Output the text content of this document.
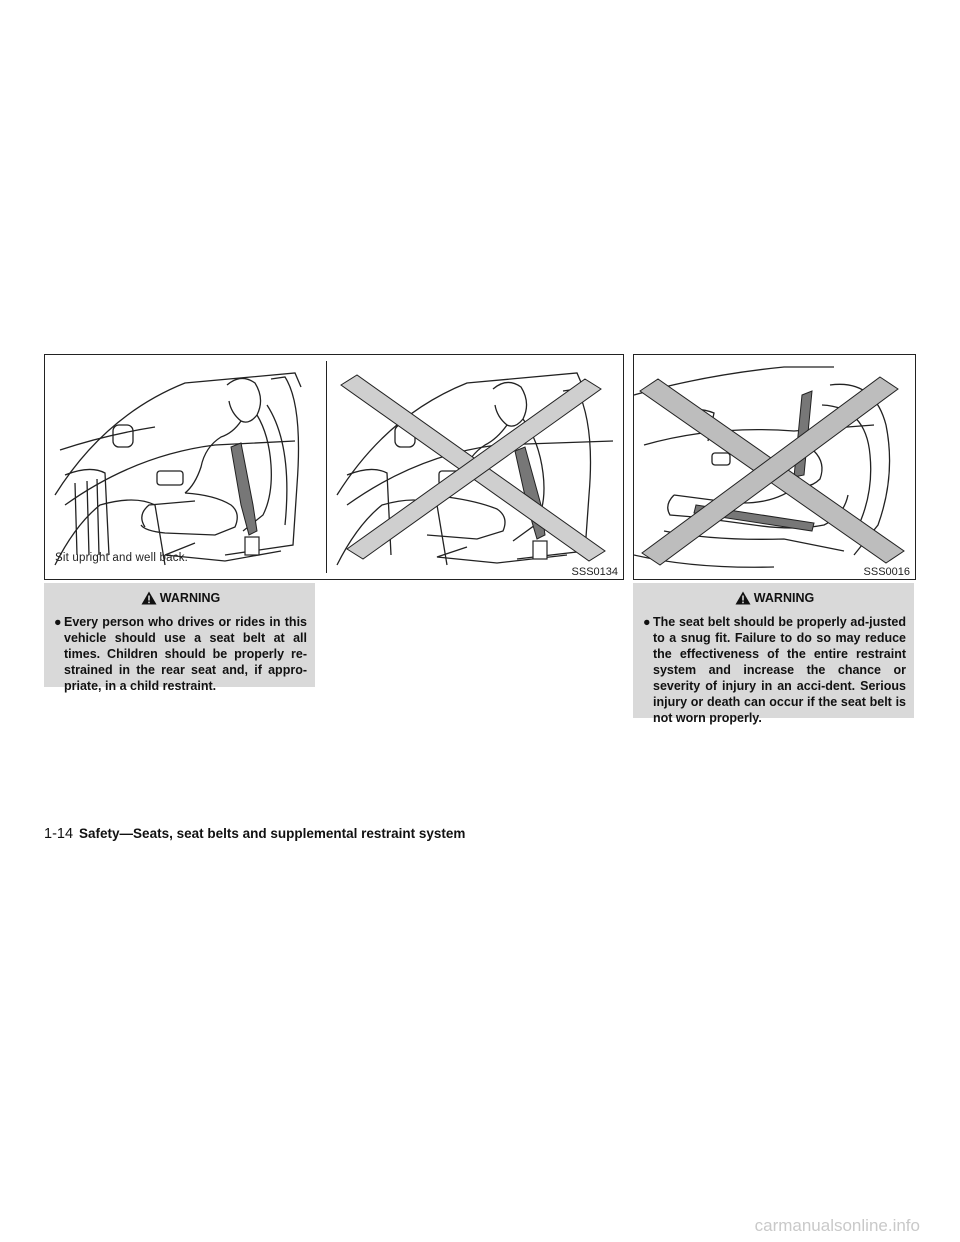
Sit upright and well back.
SSS0134	SSS0016
WARNING
● Every person who drives or rides in this vehicle should use a seat belt at all times. Children should be properly re-strained in the rear seat and, if appro-priate, in a child restraint.
WARNING
● The seat belt should be properly ad-justed to a snug fit. Failure to do so may reduce the effectiveness of the entire restraint system and increase the chance or severity of injury in an acci-dent. Serious injury or death can occur if the seat belt is not worn properly.
1-14 Safety—Seats, seat belts and supplemental restraint system
carmanualsonline.info
